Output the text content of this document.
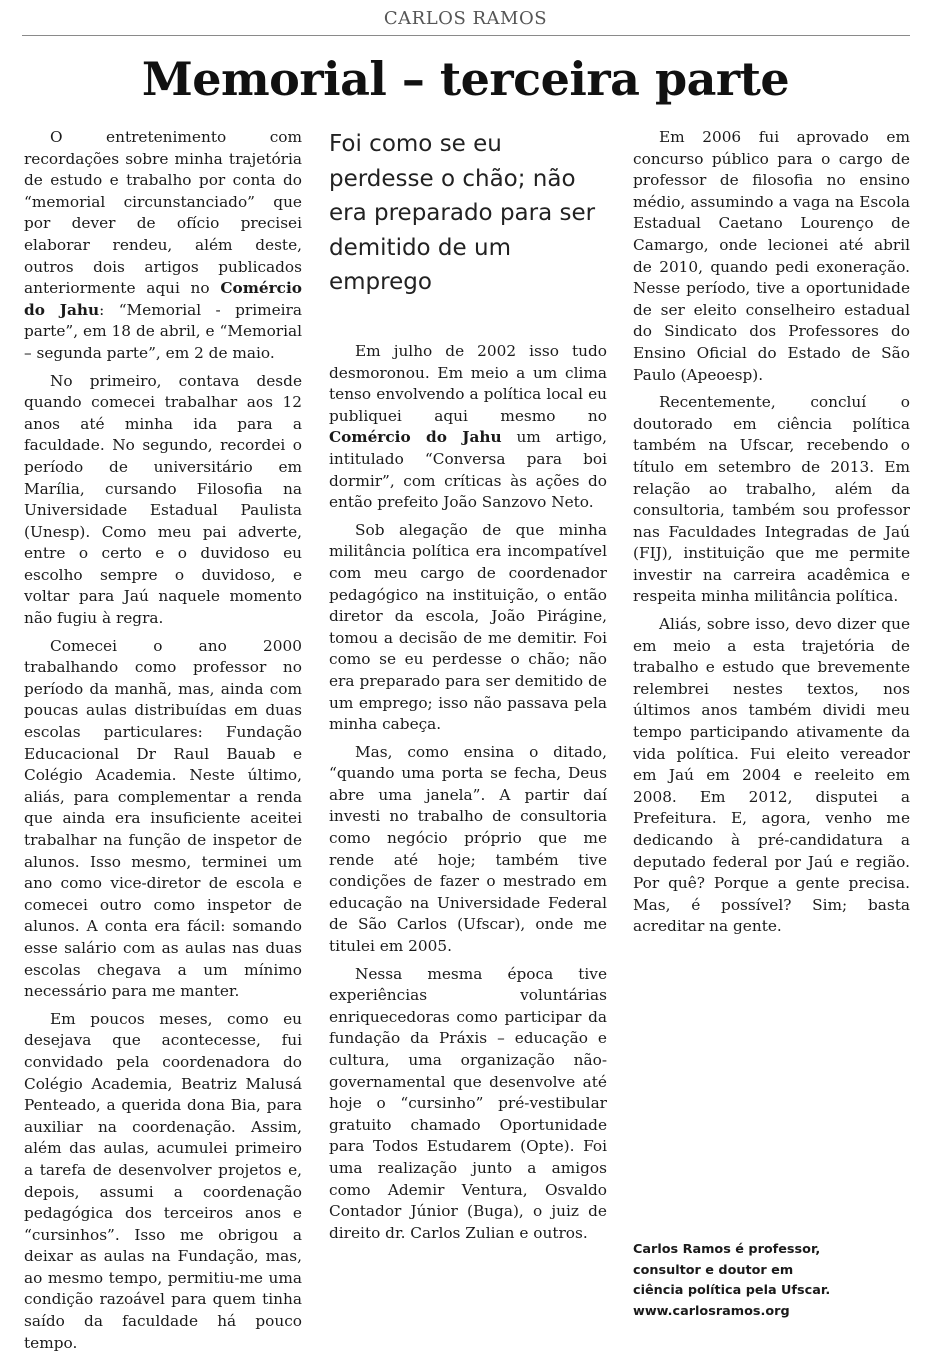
CARLOS RAMOS
Memorial – terceira parte

O entretenimento com recordações sobre minha trajetória de estudo e trabalho por conta do “memorial circunstanciado” que por dever de ofício precisei elaborar rendeu, além deste, outros dois artigos publicados anteriormente aqui no Comércio do Jahu: “Memorial - primeira parte”, em 18 de abril, e “Memorial – segunda parte”, em 2 de maio.

No primeiro, contava desde quando comecei trabalhar aos 12 anos até minha ida para a faculdade. No segundo, recordei o período de universitário em Marília, cursando Filosofia na Universidade Estadual Paulista (Unesp). Como meu pai adverte, entre o certo e o duvidoso eu escolho sempre o duvidoso, e voltar para Jaú naquele momento não fugiu à regra.

Comecei o ano 2000 trabalhando como professor no período da manhã, mas, ainda com poucas aulas distribuídas em duas escolas particulares: Fundação Educacional Dr Raul Bauab e Colégio Academia. Neste último, aliás, para complementar a renda que ainda era insuficiente aceitei trabalhar na função de inspetor de alunos. Isso mesmo, terminei um ano como vice-diretor de escola e comecei outro como inspetor de alunos. A conta era fácil: somando esse salário com as aulas nas duas escolas chegava a um mínimo necessário para me manter.

Em poucos meses, como eu desejava que acontecesse, fui convidado pela coordenadora do Colégio Academia, Beatriz Malusá Penteado, a querida dona Bia, para auxiliar na coordenação. Assim, além das aulas, acumulei primeiro a tarefa de desenvolver projetos e, depois, assumi a coordenação pedagógica dos terceiros anos e “cursinhos”. Isso me obrigou a deixar as aulas na Fundação, mas, ao mesmo tempo, permitiu-me uma condição razoável para quem tinha saído da faculdade há pouco tempo.

Foi como se eu perdesse o chão; não era preparado para ser demitido de um emprego

Em julho de 2002 isso tudo desmoronou. Em meio a um clima tenso envolvendo a política local eu publiquei aqui mesmo no Comércio do Jahu um artigo, intitulado “Conversa para boi dormir”, com críticas às ações do então prefeito João Sanzovo Neto.

Sob alegação de que minha militância política era incompatível com meu cargo de coordenador pedagógico na instituição, o então diretor da escola, João Pirágine, tomou a decisão de me demitir. Foi como se eu perdesse o chão; não era preparado para ser demitido de um emprego; isso não passava pela minha cabeça.

Mas, como ensina o ditado, “quando uma porta se fecha, Deus abre uma janela”. A partir daí investi no trabalho de consultoria como negócio próprio que me rende até hoje; também tive condições de fazer o mestrado em educação na Universidade Federal de São Carlos (Ufscar), onde me titulei em 2005.

Nessa mesma época tive experiências voluntárias enriquecedoras como participar da fundação da Práxis – educação e cultura, uma organização não-governamental que desenvolve até hoje o “cursinho” pré-vestibular gratuito chamado Oportunidade para Todos Estudarem (Opte). Foi uma realização junto a amigos como Ademir Ventura, Osvaldo Contador Júnior (Buga), o juiz de direito dr. Carlos Zulian e outros.

Em 2006 fui aprovado em concurso público para o cargo de professor de filosofia no ensino médio, assumindo a vaga na Escola Estadual Caetano Lourenço de Camargo, onde lecionei até abril de 2010, quando pedi exoneração. Nesse período, tive a oportunidade de ser eleito conselheiro estadual do Sindicato dos Professores do Ensino Oficial do Estado de São Paulo (Apeoesp).

Recentemente, concluí o doutorado em ciência política também na Ufscar, recebendo o título em setembro de 2013. Em relação ao trabalho, além da consultoria, também sou professor nas Faculdades Integradas de Jaú (FIJ), instituição que me permite investir na carreira acadêmica e respeita minha militância política.

Aliás, sobre isso, devo dizer que em meio a esta trajetória de trabalho e estudo que brevemente relembrei nestes textos, nos últimos anos também dividi meu tempo participando ativamente da vida política. Fui eleito vereador em Jaú em 2004 e reeleito em 2008. Em 2012, disputei a Prefeitura. E, agora, venho me dedicando à pré-candidatura a deputado federal por Jaú e região. Por quê? Porque a gente precisa. Mas, é possível? Sim; basta acreditar na gente.

Carlos Ramos é professor,
consultor e doutor em
ciência política pela Ufscar.
www.carlosramos.org
